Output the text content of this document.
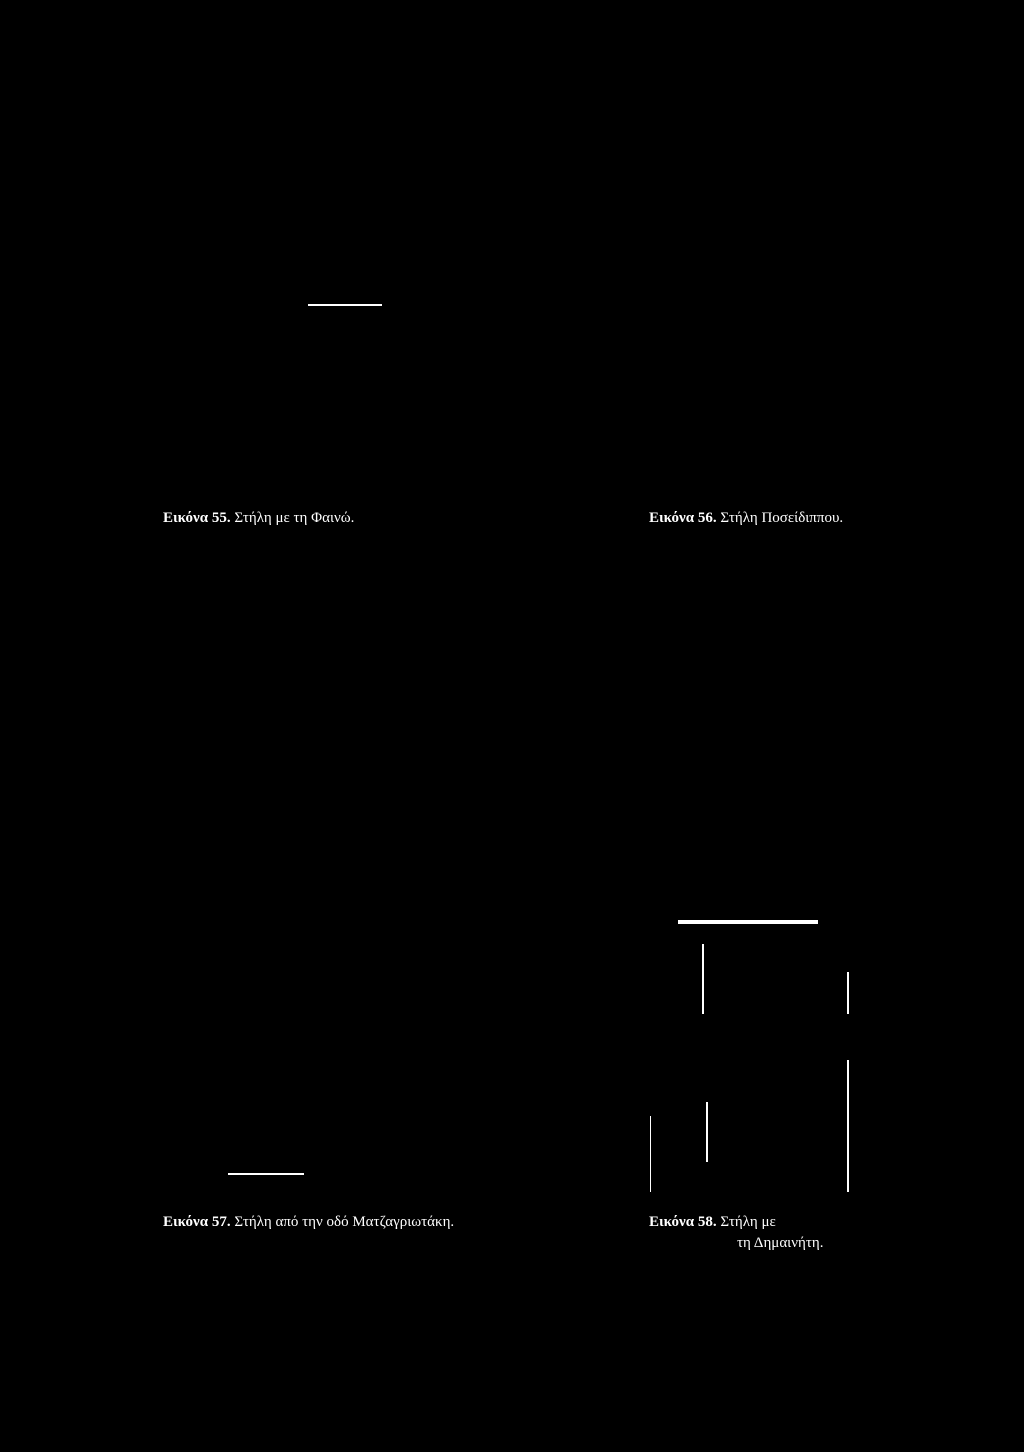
Εικόνα 55. Στήλη με τη Φαινώ.	Εικόνα 56. Στήλη Ποσείδιππου.
Εικόνα 57. Στήλη από την οδό Ματζαγριωτάκη.	Εικόνα 58. Στήλη με
τη Δημαινήτη.
